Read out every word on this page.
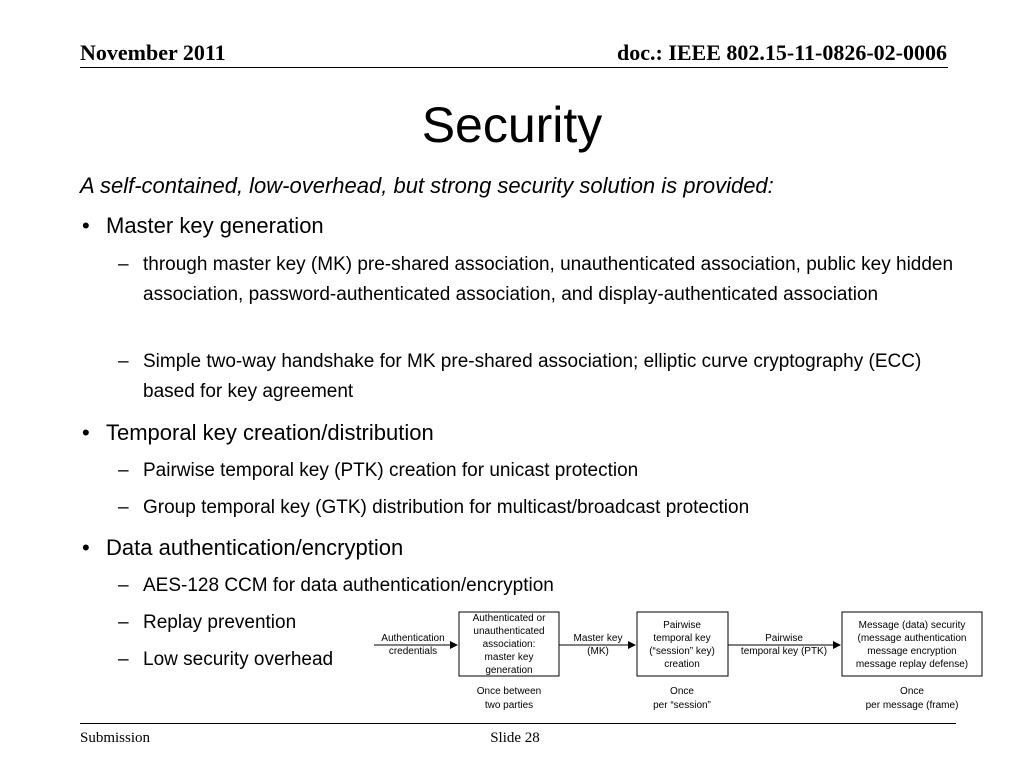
November 2011	doc.: IEEE 802.15-11-0826-02-0006
Security
A self-contained, low-overhead, but strong security solution is provided:
• Master key generation
– through master key (MK) pre-shared association, unauthenticated association, public key hidden association, password-authenticated association, and display-authenticated association
– Simple two-way handshake for MK pre-shared association; elliptic curve cryptography (ECC) based for key agreement
• Temporal key creation/distribution
– Pairwise temporal key (PTK) creation for unicast protection
– Group temporal key (GTK) distribution for multicast/broadcast protection
• Data authentication/encryption
– AES-128 CCM for data authentication/encryption
– Replay prevention
– Low security overhead
Authentication
credentials
Authenticated or
unauthenticated
association:
master key
generation
Master key
(MK)
Pairwise
temporal key
(“session” key)
creation
Pairwise
temporal key (PTK)
Message (data) security
(message authentication
message encryption
message replay defense)
Once between
two parties
Once
per “session”
Once
per message (frame)
Submission	Slide 28
